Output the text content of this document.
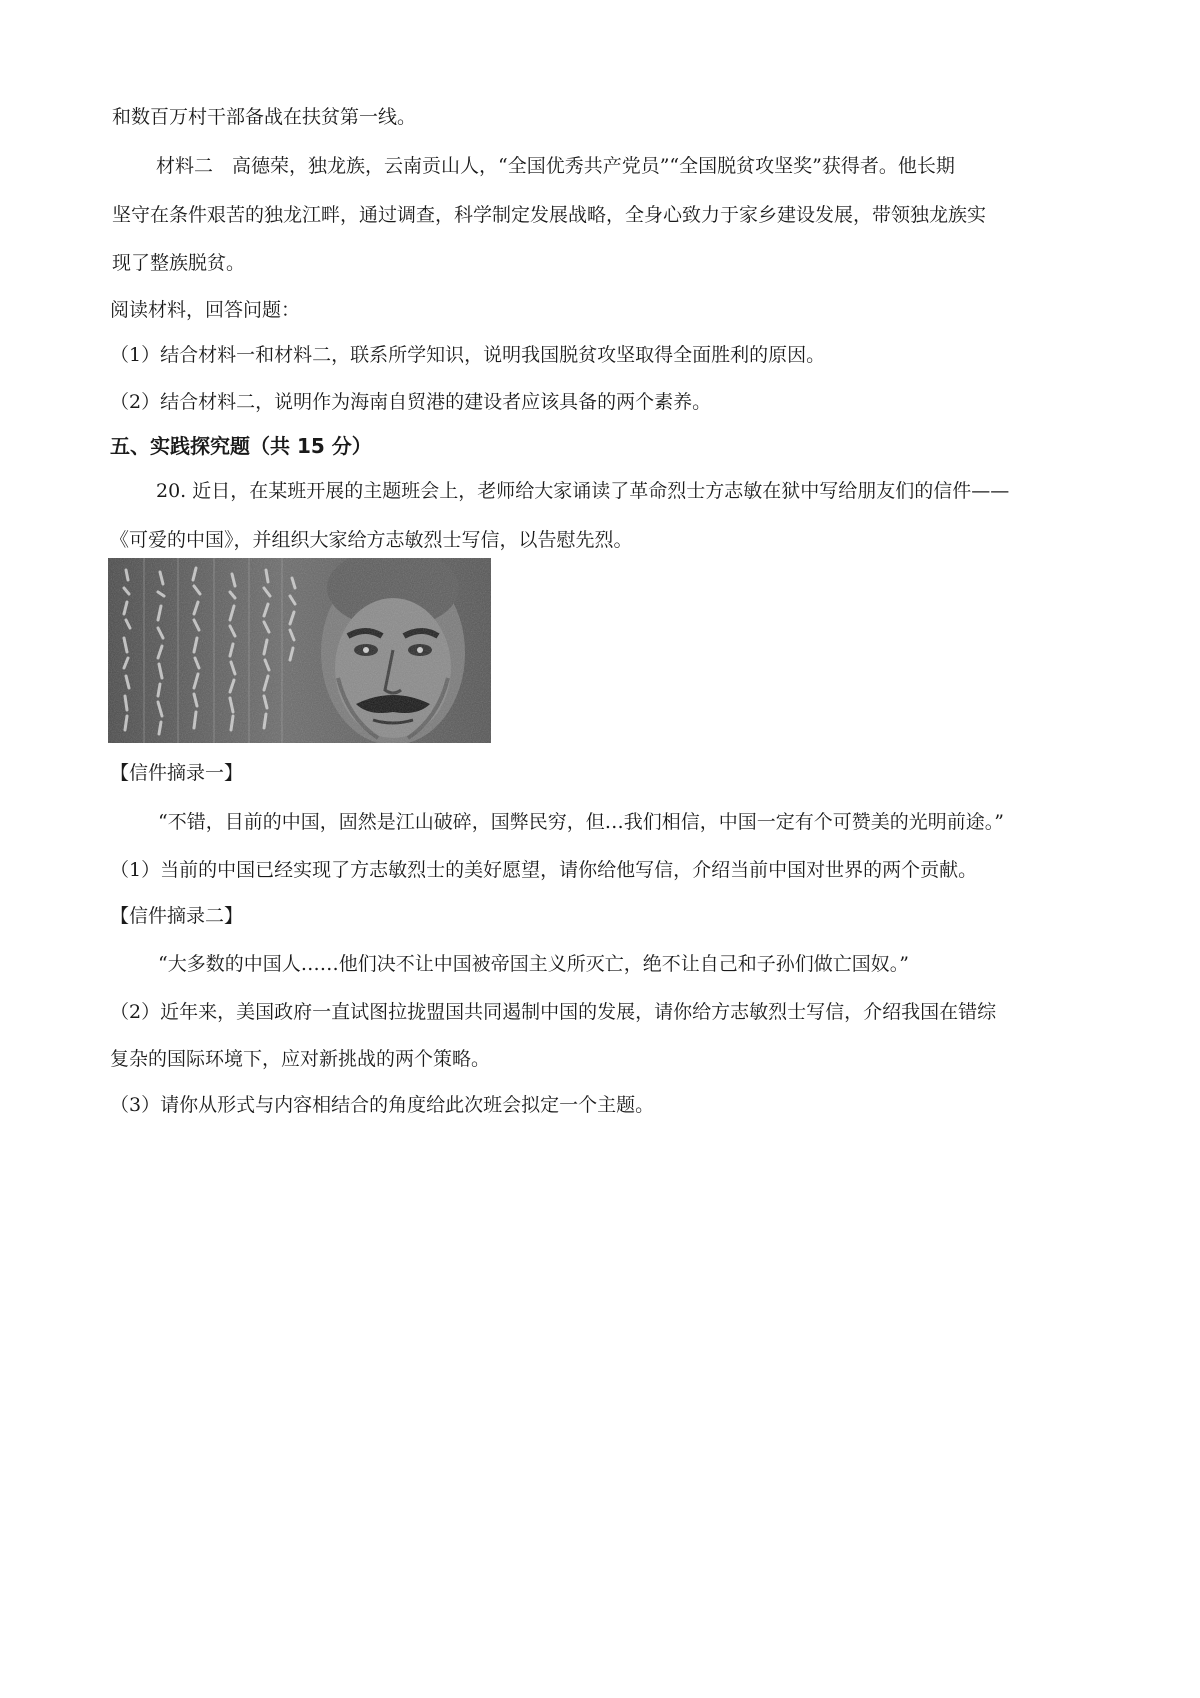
和数百万村干部备战在扶贫第一线。
材料二　高德荣，独龙族，云南贡山人，“全国优秀共产党员”“全国脱贫攻坚奖”获得者。他长期
坚守在条件艰苦的独龙江畔，通过调查，科学制定发展战略，全身心致力于家乡建设发展，带领独龙族实
现了整族脱贫。
阅读材料，回答问题：
（1）结合材料一和材料二，联系所学知识，说明我国脱贫攻坚取得全面胜利的原因。
（2）结合材料二，说明作为海南自贸港的建设者应该具备的两个素养。
五、实践探究题（共 15 分）
20. 近日，在某班开展的主题班会上，老师给大家诵读了革命烈士方志敏在狱中写给朋友们的信件——
《可爱的中国》，并组织大家给方志敏烈士写信，以告慰先烈。
【信件摘录一】
“不错，目前的中国，固然是江山破碎，国弊民穷，但…我们相信，中国一定有个可赞美的光明前途。”
（1）当前的中国已经实现了方志敏烈士的美好愿望，请你给他写信，介绍当前中国对世界的两个贡献。
【信件摘录二】
“大多数的中国人……他们决不让中国被帝国主义所灭亡，绝不让自己和子孙们做亡国奴。”
（2）近年来，美国政府一直试图拉拢盟国共同遏制中国的发展，请你给方志敏烈士写信，介绍我国在错综
复杂的国际环境下，应对新挑战的两个策略。
（3）请你从形式与内容相结合的角度给此次班会拟定一个主题。
